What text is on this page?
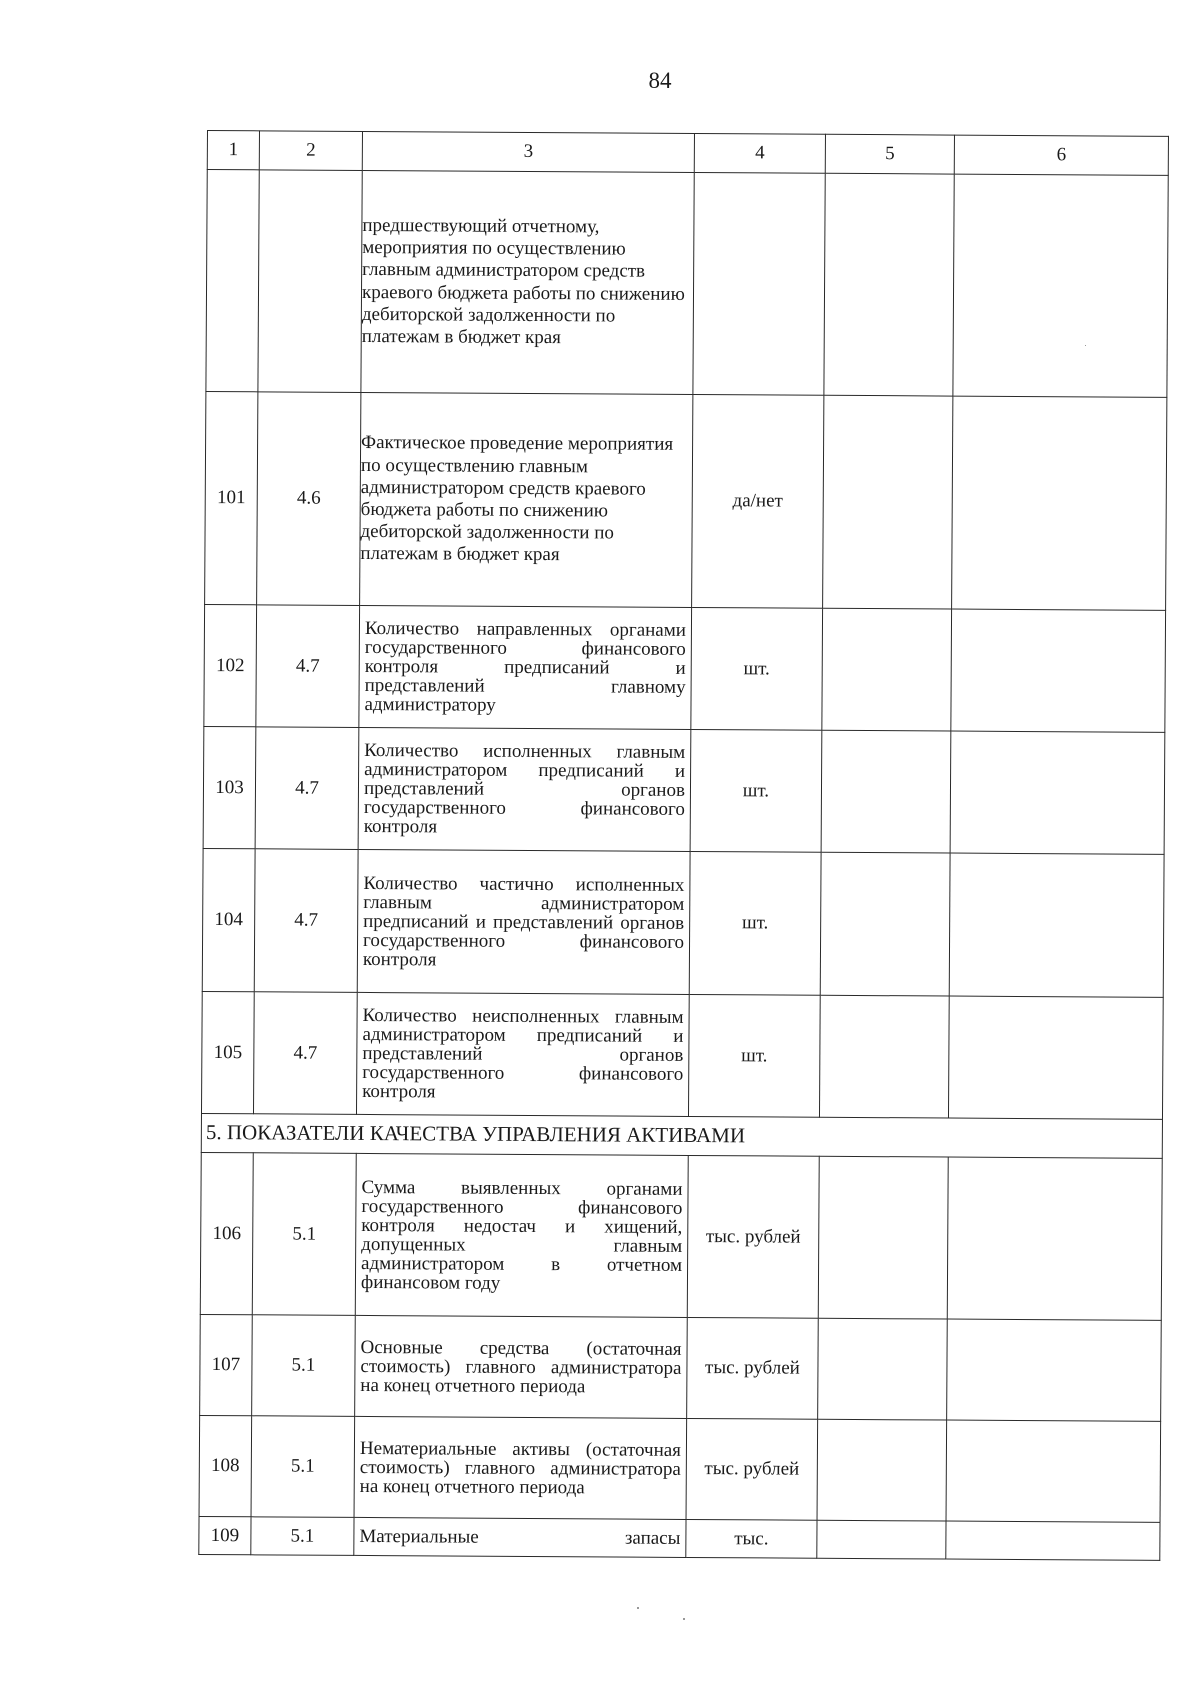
84
1	2	3	4	5	6
		предшествующий отчетному, мероприятия по осуществлению главным администратором средств краевого бюджета работы по снижению дебиторской задолженности по платежам в бюджет края			
101	4.6	Фактическое проведение мероприятия по осуществлению главным администратором средств краевого бюджета работы по снижению дебиторской задолженности по платежам в бюджет края	да/нет		
102	4.7	Количество направленных органами государственного финансового контроля предписаний и представлений главному администратору	шт.		
103	4.7	Количество исполненных главным администратором предписаний и представлений органов государственного финансового контроля	шт.		
104	4.7	Количество частично исполненных главным администратором предписаний и представлений органов государственного финансового контроля	шт.		
105	4.7	Количество неисполненных главным администратором предписаний и представлений органов государственного финансового контроля	шт.		
5. ПОКАЗАТЕЛИ КАЧЕСТВА УПРАВЛЕНИЯ АКТИВАМИ					
106	5.1	Сумма выявленных органами государственного финансового контроля недостач и хищений, допущенных главным администратором в отчетном финансовом году	тыс. рублей		
107	5.1	Основные средства (остаточная стоимость) главного администратора на конец отчетного периода	тыс. рублей		
108	5.1	Нематериальные активы (остаточная стоимость) главного администратора на конец отчетного периода	тыс. рублей		
109	5.1	Материальные запасы	тыс.		
